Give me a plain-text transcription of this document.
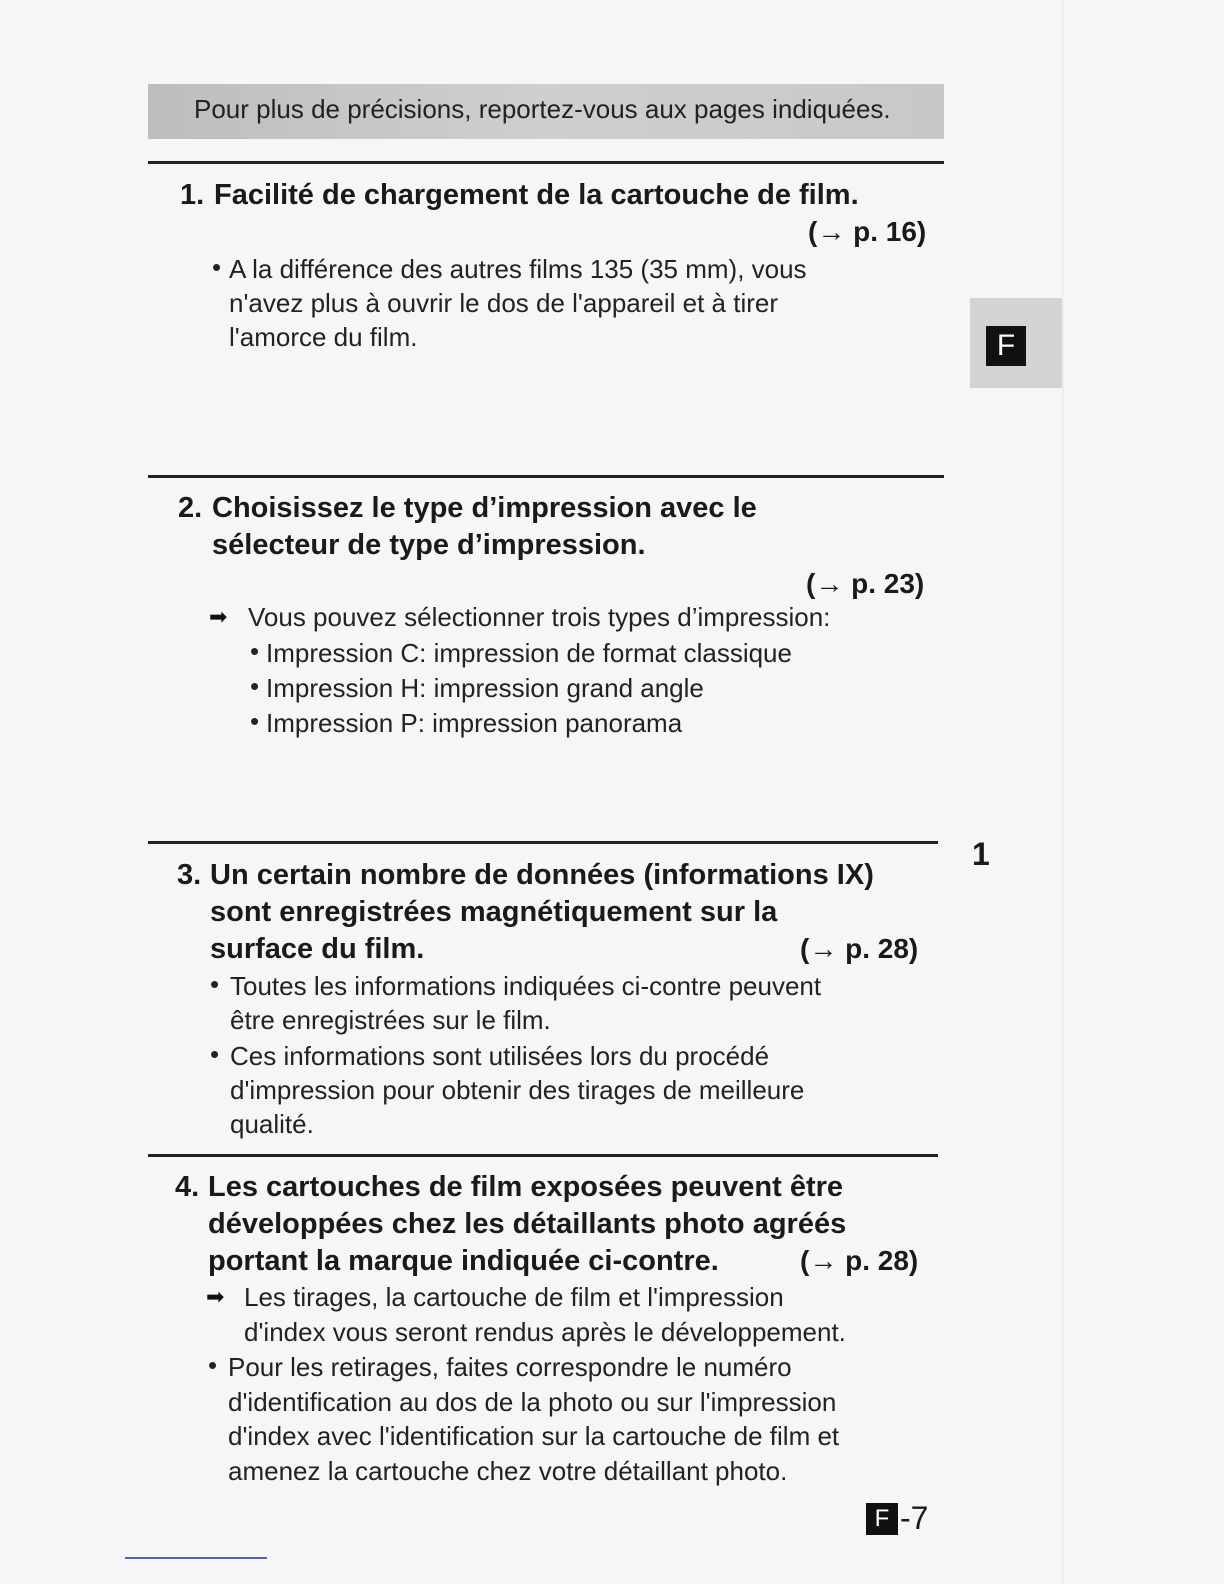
Pour plus de précisions, reportez-vous aux pages indiquées.
F
1
1. Facilité de chargement de la cartouche de film.
(→ p. 16)
• A la différence des autres films 135 (35 mm), vous
n'avez plus à ouvrir le dos de l'appareil et à tirer
l'amorce du film.
2. Choisissez le type d’impression avec le
sélecteur de type d’impression.
(→ p. 23)
➡ Vous pouvez sélectionner trois types d’impression:
• Impression C: impression de format classique
• Impression H: impression grand angle
• Impression P: impression panorama
3. Un certain nombre de données (informations IX)
sont enregistrées magnétiquement sur la
surface du film.	(→ p. 28)
• Toutes les informations indiquées ci-contre peuvent
être enregistrées sur le film.
• Ces informations sont utilisées lors du procédé
d'impression pour obtenir des tirages de meilleure
qualité.
4. Les cartouches de film exposées peuvent être
développées chez les détaillants photo agréés
portant la marque indiquée ci-contre.	(→ p. 28)
➡ Les tirages, la cartouche de film et l'impression
d'index vous seront rendus après le développement.
• Pour les retirages, faites correspondre le numéro
d'identification au dos de la photo ou sur l'impression
d'index avec l'identification sur la cartouche de film et
amenez la cartouche chez votre détaillant photo.
F -7
